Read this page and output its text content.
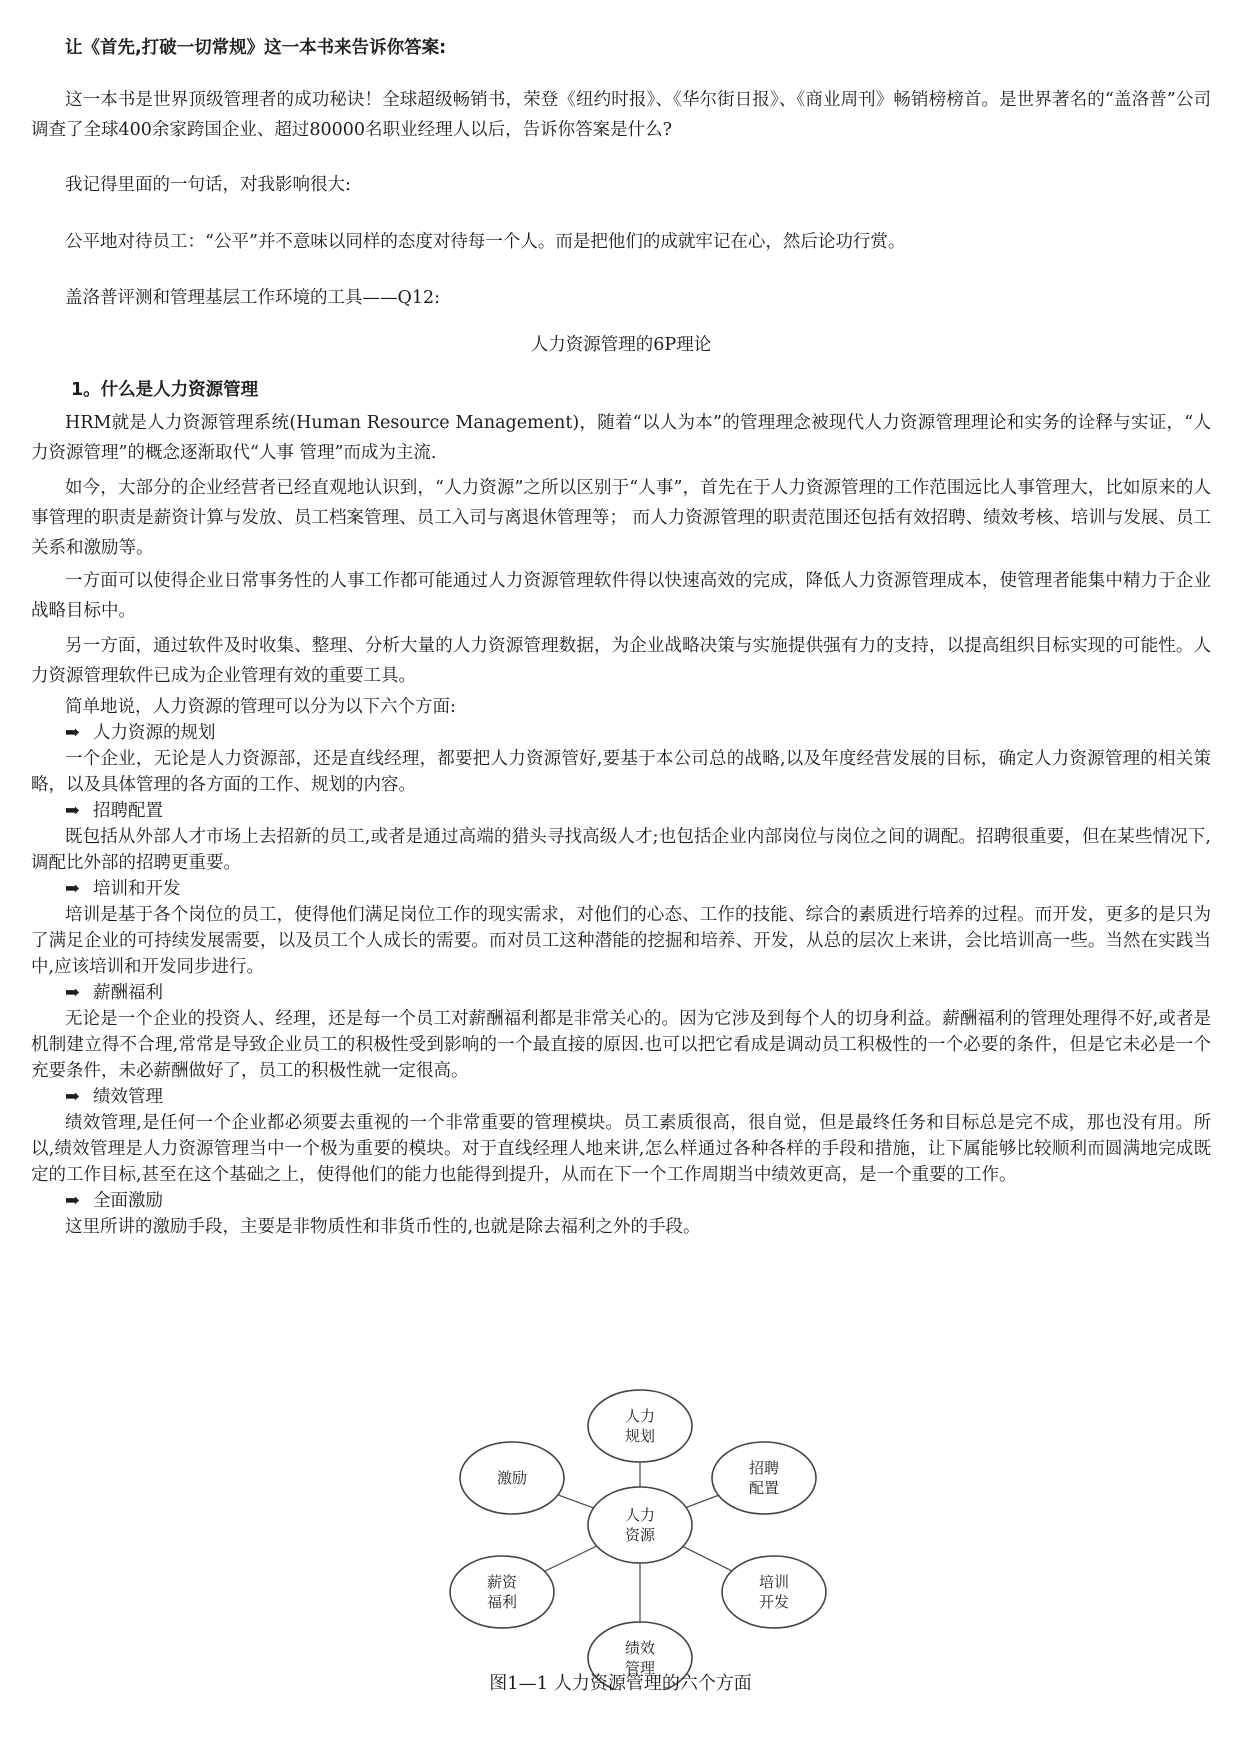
让《首先,打破一切常规》这一本书来告诉你答案:

这一本书是世界顶级管理者的成功秘诀！全球超级畅销书，荣登《纽约时报》、《华尔街日报》、《商业周刊》畅销榜榜首。是世界著名的“盖洛普”公司调查了全球400余家跨国企业、超过80000名职业经理人以后，告诉你答案是什么?

我记得里面的一句话，对我影响很大:

公平地对待员工：“公平”并不意味以同样的态度对待每一个人。而是把他们的成就牢记在心，然后论功行赏。

盖洛普评测和管理基层工作环境的工具——Q12:

人力资源管理的6P理论

1。什么是人力资源管理

HRM就是人力资源管理系统(Human Resource Management)，随着“以人为本”的管理理念被现代人力资源管理理论和实务的诠释与实证，“人力资源管理”的概念逐渐取代“人事 管理”而成为主流.

如今，大部分的企业经营者已经直观地认识到，“人力资源”之所以区别于“人事”，首先在于人力资源管理的工作范围远比人事管理大，比如原来的人事管理的职责是薪资计算与发放、员工档案管理、员工入司与离退休管理等； 而人力资源管理的职责范围还包括有效招聘、绩效考核、培训与发展、员工关系和激励等。

一方面可以使得企业日常事务性的人事工作都可能通过人力资源管理软件得以快速高效的完成，降低人力资源管理成本，使管理者能集中精力于企业战略目标中。

另一方面，通过软件及时收集、整理、分析大量的人力资源管理数据，为企业战略决策与实施提供强有力的支持，以提高组织目标实现的可能性。人力资源管理软件已成为企业管理有效的重要工具。

简单地说，人力资源的管理可以分为以下六个方面:

➡ 人力资源的规划

一个企业，无论是人力资源部，还是直线经理，都要把人力资源管好,要基于本公司总的战略,以及年度经营发展的目标，确定人力资源管理的相关策略，以及具体管理的各方面的工作、规划的内容。

➡ 招聘配置

既包括从外部人才市场上去招新的员工,或者是通过高端的猎头寻找高级人才;也包括企业内部岗位与岗位之间的调配。招聘很重要，但在某些情况下,调配比外部的招聘更重要。

➡ 培训和开发

培训是基于各个岗位的员工，使得他们满足岗位工作的现实需求，对他们的心态、工作的技能、综合的素质进行培养的过程。而开发，更多的是只为了满足企业的可持续发展需要，以及员工个人成长的需要。而对员工这种潜能的挖掘和培养、开发，从总的层次上来讲，会比培训高一些。当然在实践当中,应该培训和开发同步进行。

➡ 薪酬福利

无论是一个企业的投资人、经理，还是每一个员工对薪酬福利都是非常关心的。因为它涉及到每个人的切身利益。薪酬福利的管理处理得不好,或者是机制建立得不合理,常常是导致企业员工的积极性受到影响的一个最直接的原因.也可以把它看成是调动员工积极性的一个必要的条件，但是它未必是一个充要条件，未必薪酬做好了，员工的积极性就一定很高。

➡ 绩效管理

绩效管理,是任何一个企业都必须要去重视的一个非常重要的管理模块。员工素质很高，很自觉，但是最终任务和目标总是完不成，那也没有用。所以,绩效管理是人力资源管理当中一个极为重要的模块。对于直线经理人地来讲,怎么样通过各种各样的手段和措施，让下属能够比较顺利而圆满地完成既定的工作目标,甚至在这个基础之上，使得他们的能力也能得到提升，从而在下一个工作周期当中绩效更高，是一个重要的工作。

➡ 全面激励

这里所讲的激励手段，主要是非物质性和非货币性的,也就是除去福利之外的手段。

人力
规划
招聘
配置
培训
开发
绩效
管理
薪资
福利
激励
人力
资源
图1—1 人力资源管理的六个方面
